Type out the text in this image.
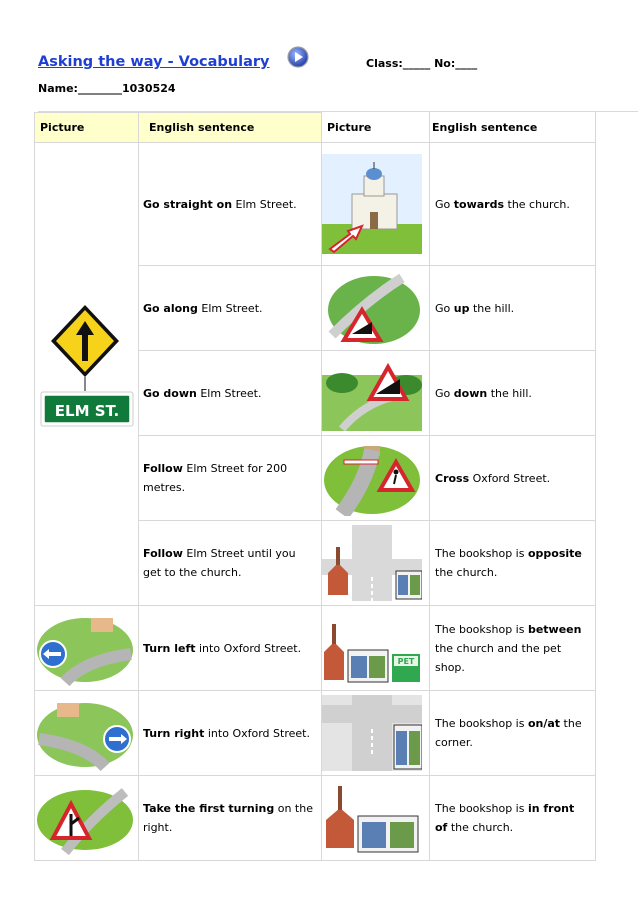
Asking the way - Vocabulary	Class:_____ No:____
Name:________1030524
Picture	English sentence	Picture	English sentence

ELM ST.	Go straight on Elm Street.		Go towards the church.
	Go along Elm Street.		Go up the hill.
	Go down Elm Street.		Go down the hill.
	Follow Elm Street for 200 metres.		Cross Oxford Street.
	Follow Elm Street until you get to the church.		The bookshop is opposite the church.

	Turn left into Oxford Street.	PET	The bookshop is between the church and the pet shop.

	Turn right into Oxford Street.		The bookshop is on/at the corner.

	Take the first turning on the right.		The bookshop is in front of the church.
